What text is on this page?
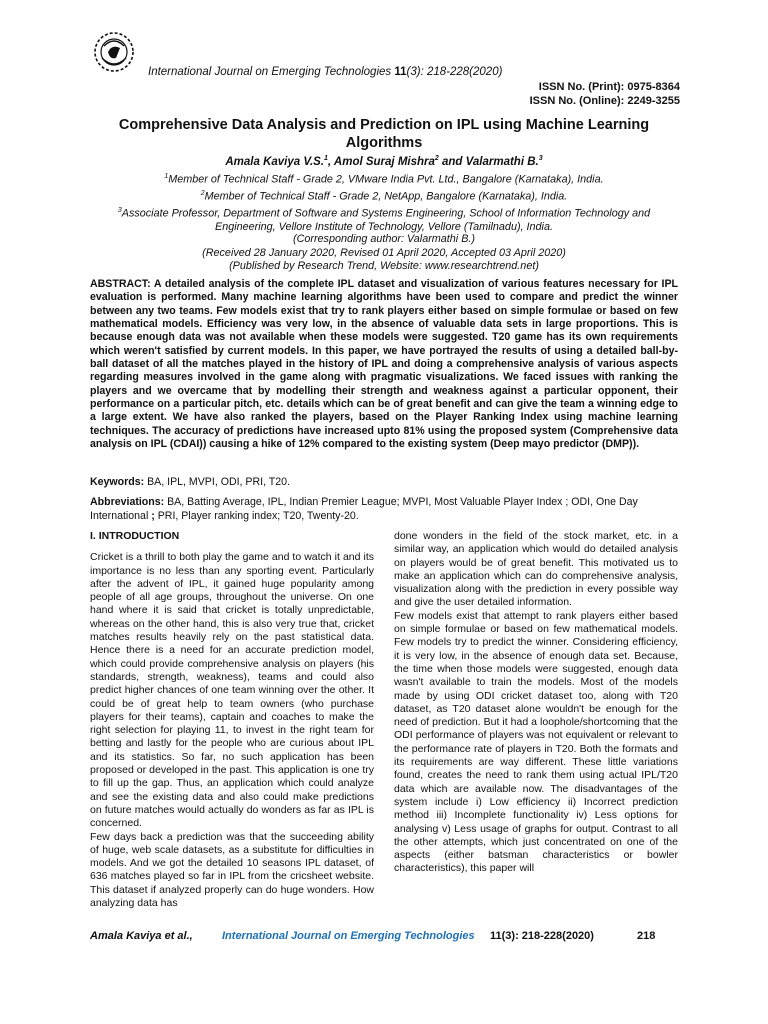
International Journal on Emerging Technologies 11(3): 218-228(2020)
ISSN No. (Print): 0975-8364
ISSN No. (Online): 2249-3255
Comprehensive Data Analysis and Prediction on IPL using Machine Learning Algorithms
Amala Kaviya V.S.$^1$, Amol Suraj Mishra$^2$ and Valarmathi B.$^3$
$^1$Member of Technical Staff - Grade 2, VMware India Pvt. Ltd., Bangalore (Karnataka), India.
$^2$Member of Technical Staff - Grade 2, NetApp, Bangalore (Karnataka), India.
$^3$Associate Professor, Department of Software and Systems Engineering, School of Information Technology and Engineering, Vellore Institute of Technology, Vellore (Tamilnadu), India.
(Corresponding author: Valarmathi B.)
(Received 28 January 2020, Revised 01 April 2020, Accepted 03 April 2020)
(Published by Research Trend, Website: www.researchtrend.net)
ABSTRACT: A detailed analysis of the complete IPL dataset and visualization of various features necessary for IPL evaluation is performed. Many machine learning algorithms have been used to compare and predict the winner between any two teams. Few models exist that try to rank players either based on simple formulae or based on few mathematical models. Efficiency was very low, in the absence of valuable data sets in large proportions. This is because enough data was not available when these models were suggested. T20 game has its own requirements which weren't satisfied by current models. In this paper, we have portrayed the results of using a detailed ball-by-ball dataset of all the matches played in the history of IPL and doing a comprehensive analysis of various aspects regarding measures involved in the game along with pragmatic visualizations. We faced issues with ranking the players and we overcame that by modelling their strength and weakness against a particular opponent, their performance on a particular pitch, etc. details which can be of great benefit and can give the team a winning edge to a large extent. We have also ranked the players, based on the Player Ranking Index using machine learning techniques. The accuracy of predictions have increased upto 81% using the proposed system (Comprehensive data analysis on IPL (CDAI)) causing a hike of 12% compared to the existing system (Deep mayo predictor (DMP)).
Keywords: BA, IPL, MVPI, ODI, PRI, T20.
Abbreviations: BA, Batting Average, IPL, Indian Premier League; MVPI, Most Valuable Player Index ; ODI, One Day International ; PRI, Player ranking index; T20, Twenty-20.

I. INTRODUCTION

Cricket is a thrill to both play the game and to watch it and its importance is no less than any sporting event. Particularly after the advent of IPL, it gained huge popularity among people of all age groups, throughout the universe. On one hand where it is said that cricket is totally unpredictable, whereas on the other hand, this is also very true that, cricket matches results heavily rely on the past statistical data. Hence there is a need for an accurate prediction model, which could provide comprehensive analysis on players (his standards, strength, weakness), teams and could also predict higher chances of one team winning over the other. It could be of great help to team owners (who purchase players for their teams), captain and coaches to make the right selection for playing 11, to invest in the right team for betting and lastly for the people who are curious about IPL and its statistics. So far, no such application has been proposed or developed in the past. This application is one try to fill up the gap. Thus, an application which could analyze and see the existing data and also could make predictions on future matches would actually do wonders as far as IPL is concerned.

Few days back a prediction was that the succeeding ability of huge, web scale datasets, as a substitute for difficulties in models. And we got the detailed 10 seasons IPL dataset, of 636 matches played so far in IPL from the cricsheet website. This dataset if analyzed properly can do huge wonders. How analyzing data has

done wonders in the field of the stock market, etc. in a similar way, an application which would do detailed analysis on players would be of great benefit. This motivated us to make an application which can do comprehensive analysis, visualization along with the prediction in every possible way and give the user detailed information.

Few models exist that attempt to rank players either based on simple formulae or based on few mathematical models. Few models try to predict the winner. Considering efficiency, it is very low, in the absence of enough data set. Because, the time when those models were suggested, enough data wasn't available to train the models. Most of the models made by using ODI cricket dataset too, along with T20 dataset, as T20 dataset alone wouldn't be enough for the need of prediction. But it had a loophole/shortcoming that the ODI performance of players was not equivalent or relevant to the performance rate of players in T20. Both the formats and its requirements are way different. These little variations found, creates the need to rank them using actual IPL/T20 data which are available now. The disadvantages of the system include i) Low efficiency ii) Incorrect prediction method iii) Incomplete functionality iv) Less options for analysing v) Less usage of graphs for output. Contrast to all the other attempts, which just concentrated on one of the aspects (either batsman characteristics or bowler characteristics), this paper will

Amala Kaviya et al.,	International Journal on Emerging Technologies 11(3): 218-228(2020)	218
